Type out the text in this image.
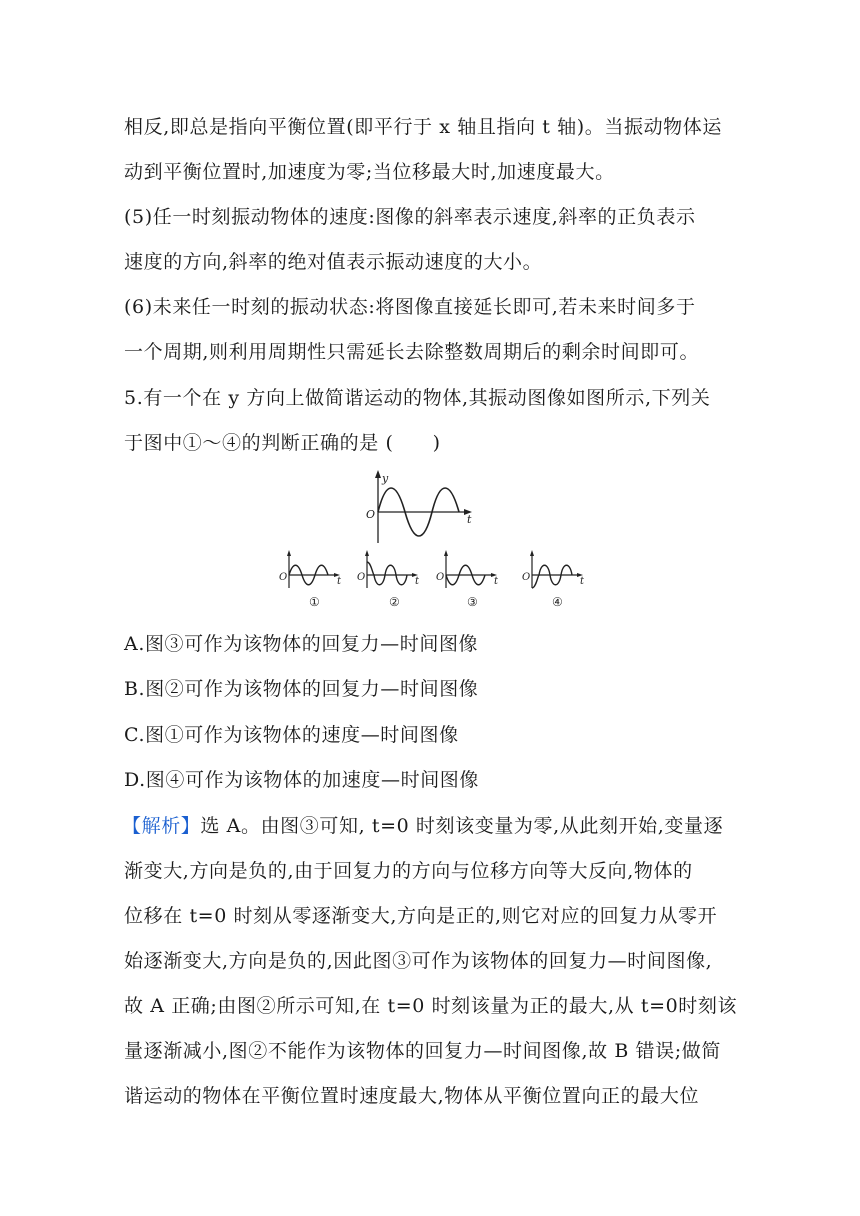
相反,即总是指向平衡位置(即平行于 x 轴且指向 t 轴)。当振动物体运
动到平衡位置时,加速度为零;当位移最大时,加速度最大。
(5)任一时刻振动物体的速度:图像的斜率表示速度,斜率的正负表示
速度的方向,斜率的绝对值表示振动速度的大小。
(6)未来任一时刻的振动状态:将图像直接延长即可,若未来时间多于
一个周期,则利用周期性只需延长去除整数周期后的剩余时间即可。
5.有一个在 y 方向上做简谐运动的物体,其振动图像如图所示,下列关
于图中①～④的判断正确的是 (　　)
y
t
O
O	t
①
O	t
②
O	t
③
O	t
④
A.图③可作为该物体的回复力—时间图像
B.图②可作为该物体的回复力—时间图像
C.图①可作为该物体的速度—时间图像
D.图④可作为该物体的加速度—时间图像
【解析】选 A。由图③可知, t=0 时刻该变量为零,从此刻开始,变量逐
渐变大,方向是负的,由于回复力的方向与位移方向等大反向,物体的
位移在 t=0 时刻从零逐渐变大,方向是正的,则它对应的回复力从零开
始逐渐变大,方向是负的,因此图③可作为该物体的回复力—时间图像,
故 A 正确;由图②所示可知,在 t=0 时刻该量为正的最大,从 t=0时刻该
量逐渐减小,图②不能作为该物体的回复力—时间图像,故 B 错误;做简
谐运动的物体在平衡位置时速度最大,物体从平衡位置向正的最大位
